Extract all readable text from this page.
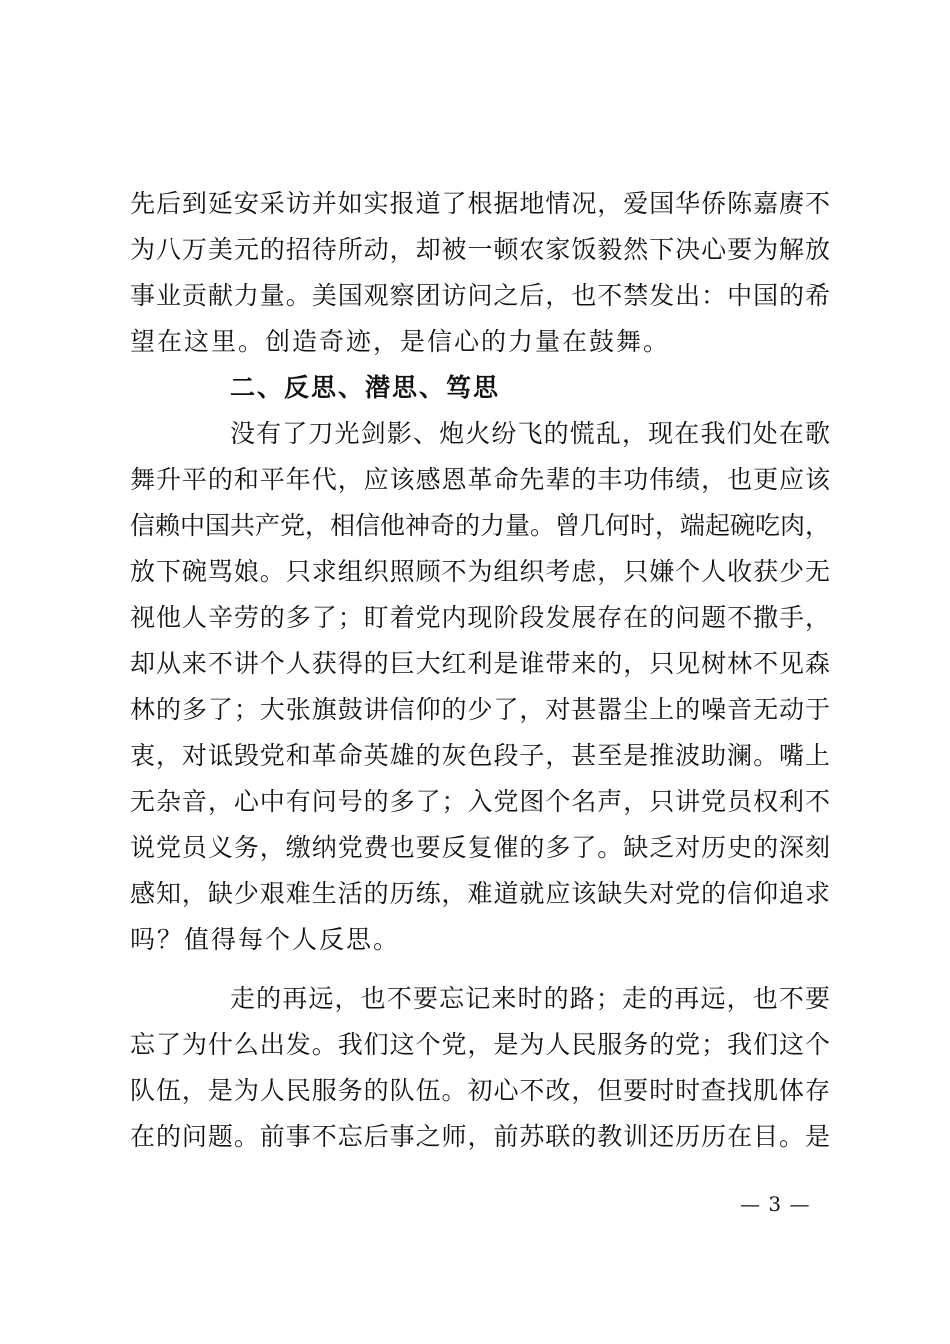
先后到延安采访并如实报道了根据地情况，爱国华侨陈嘉赓不
为八万美元的招待所动，却被一顿农家饭毅然下决心要为解放
事业贡献力量。美国观察团访问之后，也不禁发出：中国的希
望在这里。创造奇迹，是信心的力量在鼓舞。
二、反思、潜思、笃思
没有了刀光剑影、炮火纷飞的慌乱，现在我们处在歌
舞升平的和平年代，应该感恩革命先辈的丰功伟绩，也更应该
信赖中国共产党，相信他神奇的力量。曾几何时，端起碗吃肉，
放下碗骂娘。只求组织照顾不为组织考虑，只嫌个人收获少无
视他人辛劳的多了；盯着党内现阶段发展存在的问题不撒手，
却从来不讲个人获得的巨大红利是谁带来的，只见树林不见森
林的多了；大张旗鼓讲信仰的少了，对甚嚣尘上的噪音无动于
衷，对诋毁党和革命英雄的灰色段子，甚至是推波助澜。嘴上
无杂音，心中有问号的多了；入党图个名声，只讲党员权利不
说党员义务，缴纳党费也要反复催的多了。缺乏对历史的深刻
感知，缺少艰难生活的历练，难道就应该缺失对党的信仰追求
吗？值得每个人反思。
走的再远，也不要忘记来时的路；走的再远，也不要
忘了为什么出发。我们这个党，是为人民服务的党；我们这个
队伍，是为人民服务的队伍。初心不改，但要时时查找肌体存
在的问题。前事不忘后事之师，前苏联的教训还历历在目。是
— 3 —
